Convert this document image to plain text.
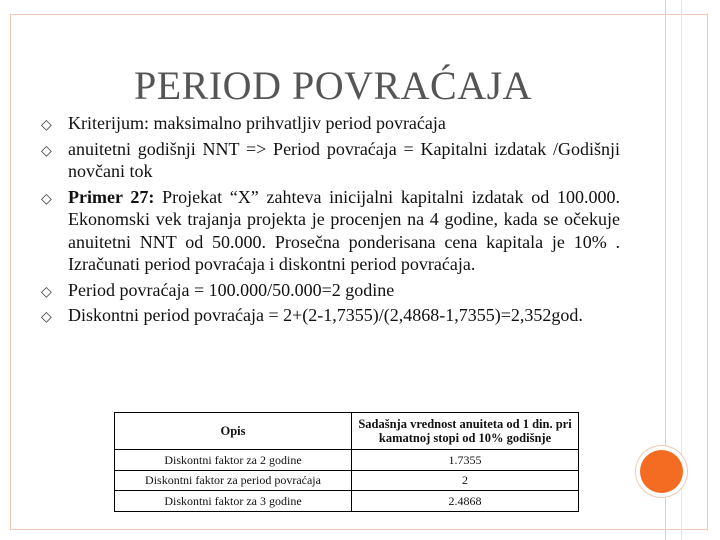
PERIOD POVRAĆAJA
◇ Kriterijum: maksimalno prihvatljiv period povraćaja
◇ anuitetni godišnji NNT => Period povraćaja = Kapitalni izdatak /Godišnji novčani tok
◇ Primer 27: Projekat “X” zahteva inicijalni kapitalni izdatak od 100.000. Ekonomski vek trajanja projekta je procenjen na 4 godine, kada se očekuje anuitetni NNT od 50.000. Prosečna ponderisana cena kapitala je 10% . Izračunati period povraćaja i diskontni period povraćaja.
◇ Period povraćaja = 100.000/50.000=2 godine
◇ Diskontni period povraćaja = 2+(2-1,7355)/(2,4868-1,7355)=2,352god.
Opis	Sadašnja vrednost anuiteta od 1 din. pri kamatnoj stopi od 10% godišnje
Diskontni faktor za 2 godine	1.7355
Diskontni faktor za period povraćaja	2
Diskontni faktor za 3 godine	2.4868
